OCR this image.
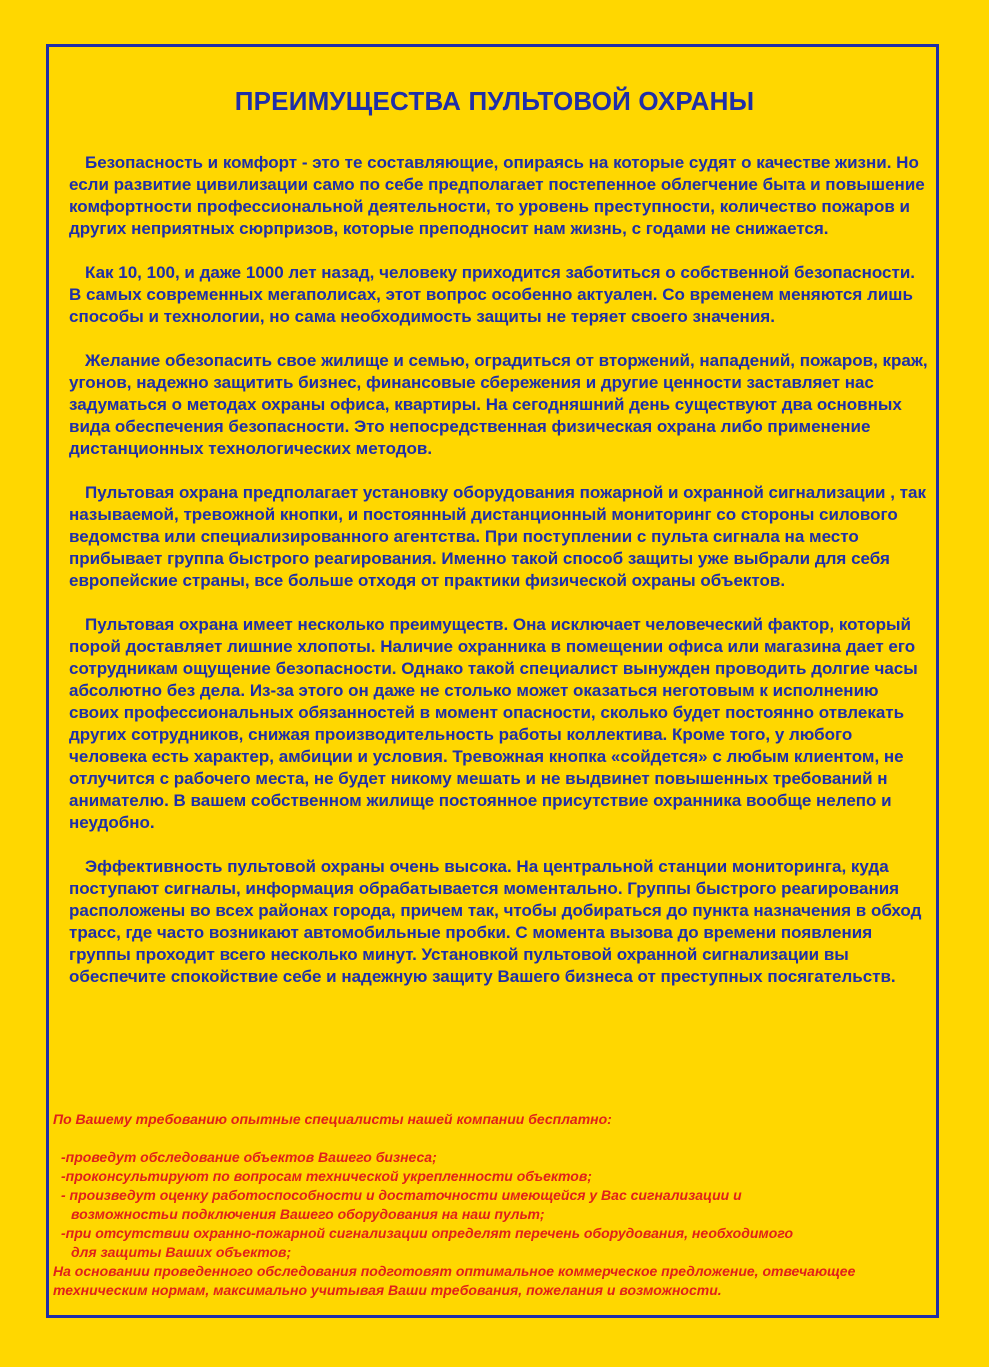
ПРЕИМУЩЕСТВА ПУЛЬТОВОЙ ОХРАНЫ

Безопасность и комфорт - это те составляющие, опираясь на которые судят о качестве жизни. Но если развитие цивилизации само по себе предполагает постепенное облегчение быта и повышение комфортности профессиональной деятельности, то уровень преступности, количество пожаров и других неприятных сюрпризов, которые преподносит нам жизнь, с годами не снижается.

Как 10, 100, и даже 1000 лет назад, человеку приходится заботиться о собственной безопасности. В самых современных мегаполисах, этот вопрос особенно актуален. Со временем меняются лишь способы и технологии, но сама необходимость защиты не теряет своего значения.

Желание обезопасить свое жилище и семью, оградиться от вторжений, нападений, пожаров, краж, угонов, надежно защитить бизнес, финансовые сбережения и другие ценности заставляет нас задуматься о методах охраны офиса, квартиры. На сегодняшний день существуют два основных вида обеспечения безопасности. Это непосредственная физическая охрана либо применение дистанционных технологических методов.

Пультовая охрана предполагает установку оборудования пожарной и охранной сигнализации , так называемой, тревожной кнопки, и постоянный дистанционный мониторинг со стороны силового ведомства или специализированного агентства. При поступлении с пульта сигнала на место прибывает группа быстрого реагирования. Именно такой способ защиты уже выбрали для себя европейские страны, все больше отходя от практики физической охраны объектов.

Пультовая охрана имеет несколько преимуществ. Она исключает человеческий фактор, который порой доставляет лишние хлопоты. Наличие охранника в помещении офиса или магазина дает его сотрудникам ощущение безопасности. Однако такой специалист вынужден проводить долгие часы абсолютно без дела. Из-за этого он даже не столько может оказаться неготовым к исполнению своих профессиональных обязанностей в момент опасности, сколько будет постоянно отвлекать других сотрудников, снижая производительность работы коллектива. Кроме того, у любого человека есть характер, амбиции и условия. Тревожная кнопка «сойдется» с любым клиентом, не отлучится с рабочего места, не будет никому мешать и не выдвинет повышенных требований н анимателю. В вашем собственном жилище постоянное присутствие охранника вообще нелепо и неудобно.

Эффективность пультовой охраны очень высока. На центральной станции мониторинга, куда поступают сигналы, информация обрабатывается моментально. Группы быстрого реагирования расположены во всех районах города, причем так, чтобы добираться до пункта назначения в обход трасс, где часто возникают автомобильные пробки. С момента вызова до времени появления группы проходит всего несколько минут. Установкой пультовой охранной сигнализации вы обеспечите спокойствие себе и надежную защиту Вашего бизнеса от преступных посягательств.

По Вашему требованию опытные специалисты нашей компании бесплатно:
-проведут обследование объектов Вашего бизнеса;
-проконсультируют по вопросам технической укрепленности объектов;
- произведут оценку работоспособности и достаточности имеющейся у Вас сигнализации и
возможностьи подключения Вашего оборудования на наш пульт;
-при отсутствии охранно-пожарной сигнализации определят перечень оборудования, необходимого
для защиты Ваших объектов;
На основании проведенного обследования подготовят оптимальное коммерческое предложение, отвечающее техническим нормам, максимально учитывая Ваши требования, пожелания и возможности.
